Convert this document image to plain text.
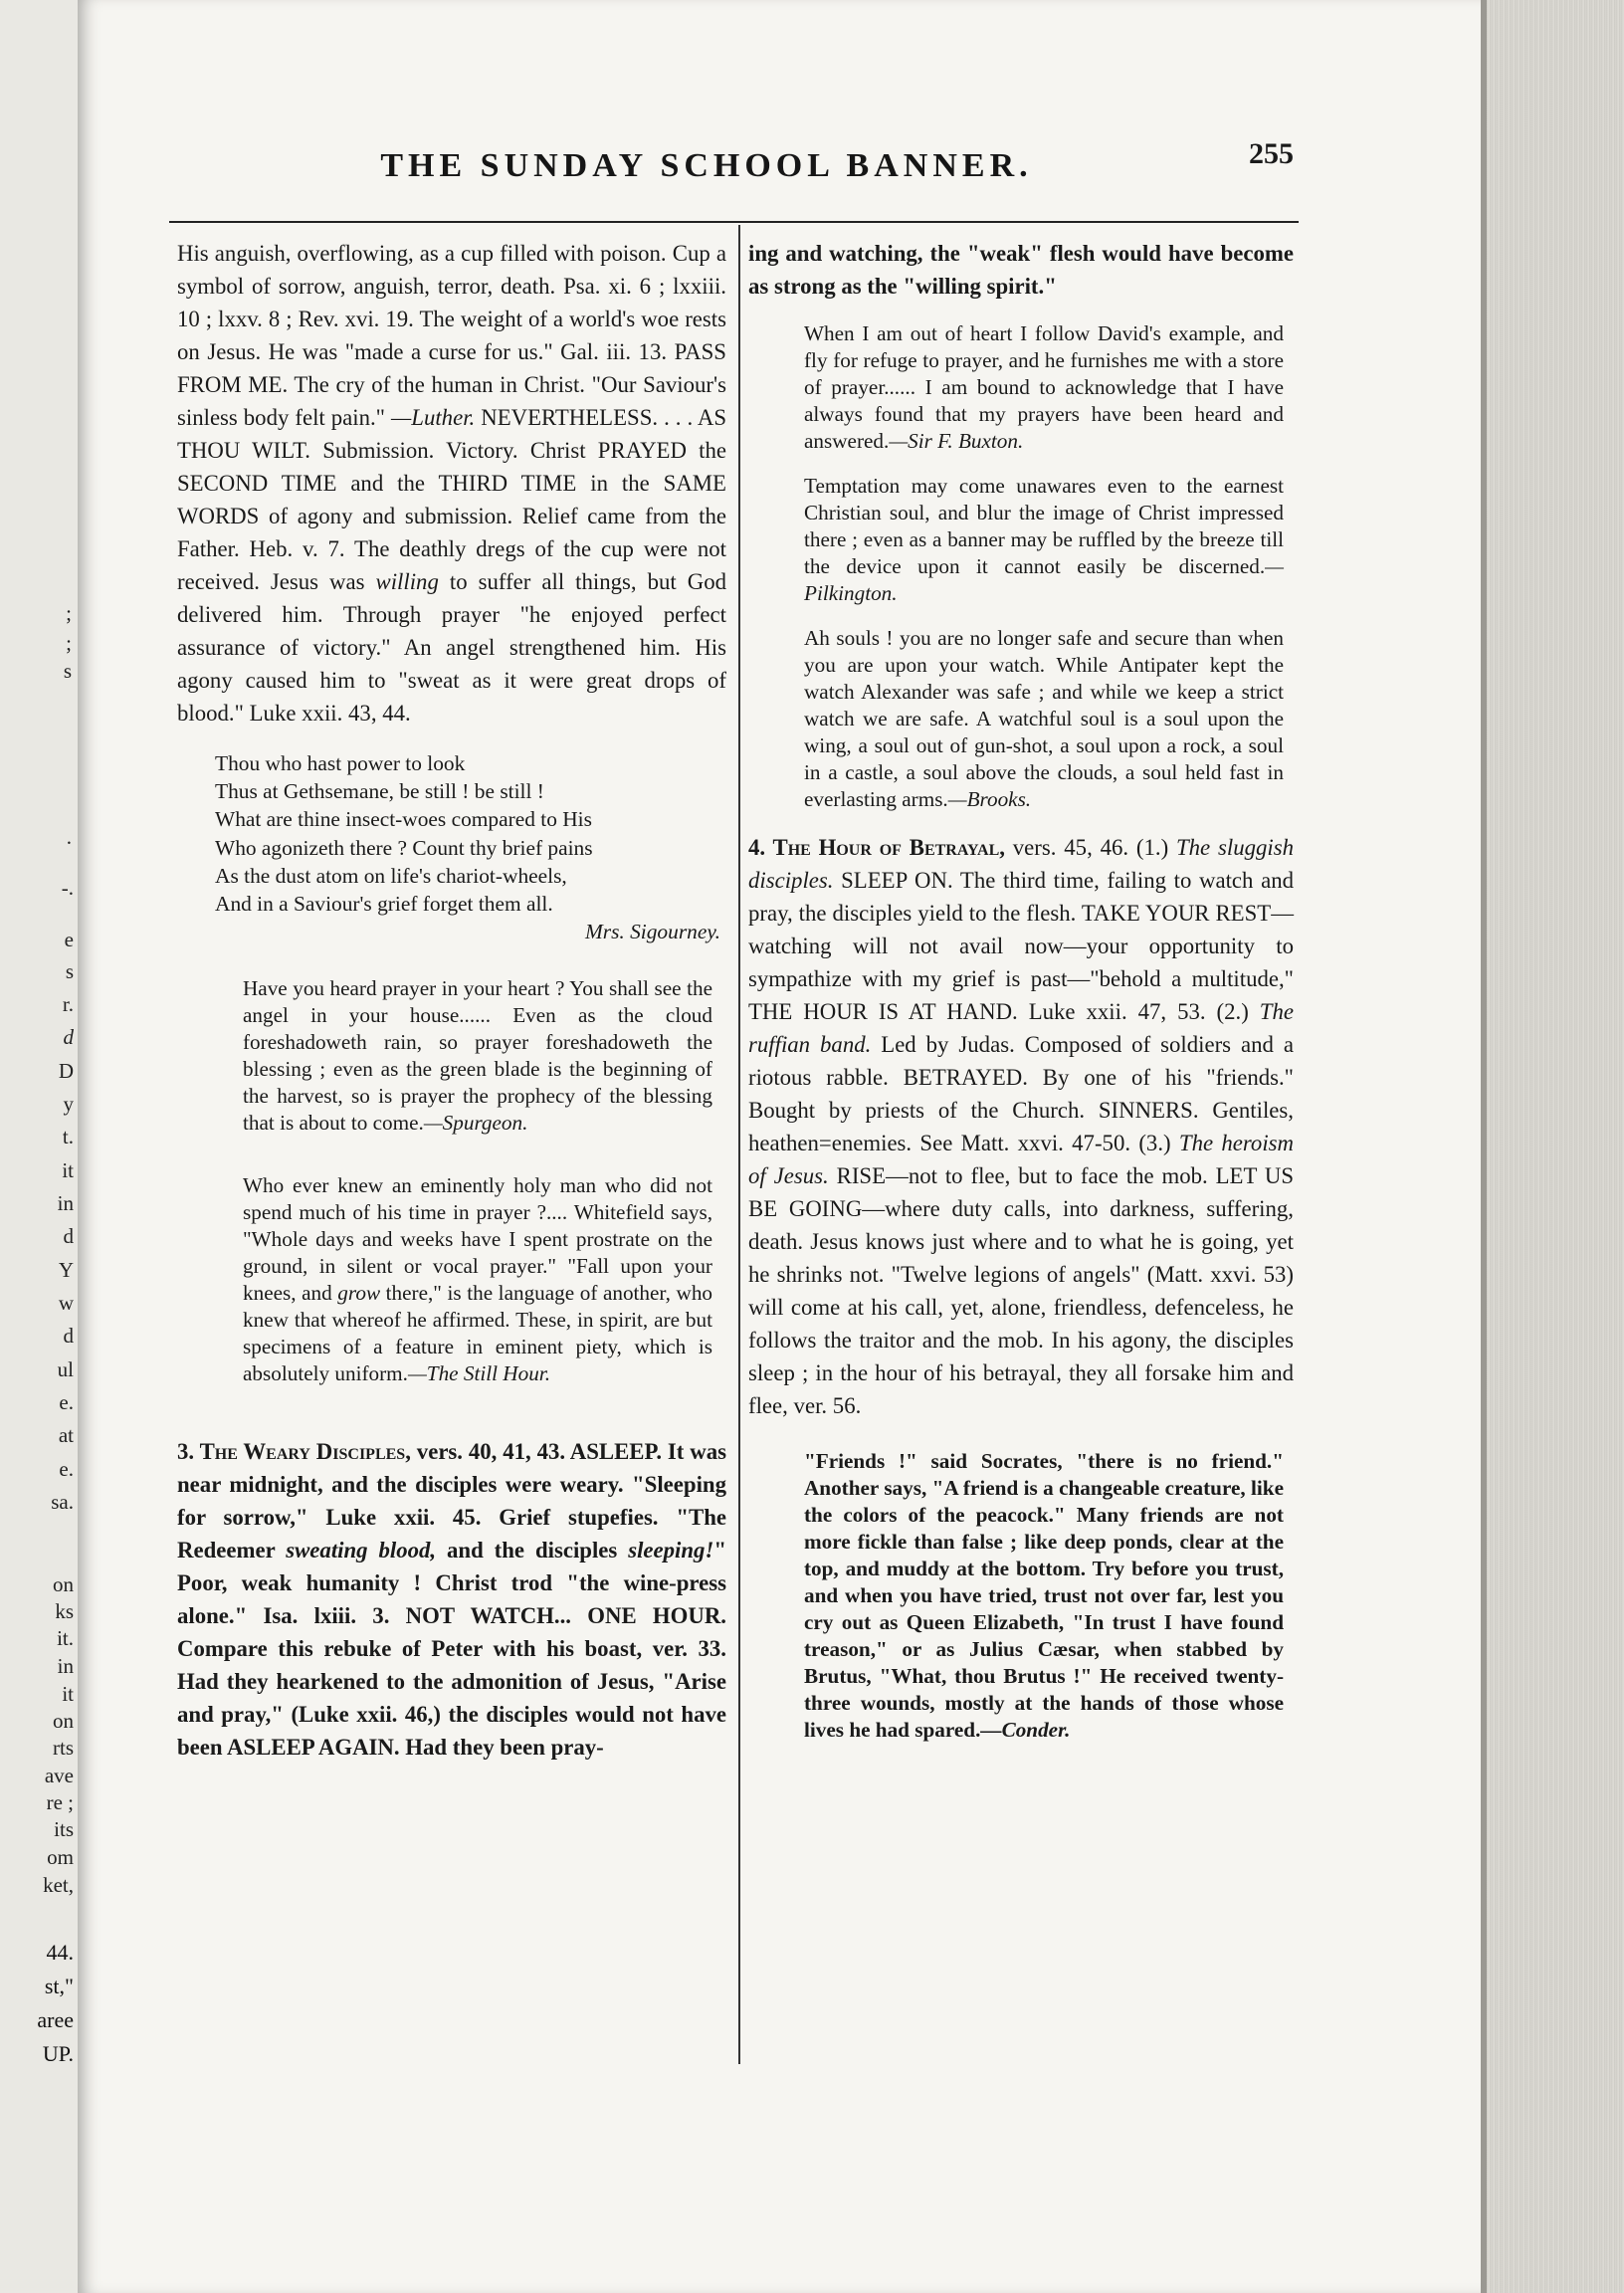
;
;
s
.
-.
e
s
r.
d
D
y
t.
it
in
d
Y
w
d
ul
e.
at
e.
sa.
on
ks
it.
in
it
on
rts
ave
re ;
its
om
ket,
44.
st,"
aree
UP.
THE SUNDAY SCHOOL BANNER.	255

His anguish, overflowing, as a cup filled with poison. Cup a symbol of sorrow, anguish, terror, death. Psa. xi. 6 ; lxxiii. 10 ; lxxv. 8 ; Rev. xvi. 19. The weight of a world's woe rests on Jesus. He was "made a curse for us." Gal. iii. 13. PASS FROM ME. The cry of the human in Christ. "Our Saviour's sinless body felt pain." —Luther. NEVERTHELESS. . . . AS THOU WILT. Submission. Victory. Christ PRAYED the SECOND TIME and the THIRD TIME in the SAME WORDS of agony and submission. Relief came from the Father. Heb. v. 7. The deathly dregs of the cup were not received. Jesus was willing to suffer all things, but God delivered him. Through prayer "he enjoyed perfect assurance of victory." An angel strengthened him. His agony caused him to "sweat as it were great drops of blood." Luke xxii. 43, 44.

Thou who hast power to look
Thus at Gethsemane, be still ! be still !
What are thine insect-woes compared to His
Who agonizeth there ? Count thy brief pains
As the dust atom on life's chariot-wheels,
And in a Saviour's grief forget them all.
Mrs. Sigourney.

Have you heard prayer in your heart ? You shall see the angel in your house...... Even as the cloud foreshadoweth rain, so prayer foreshadoweth the blessing ; even as the green blade is the beginning of the harvest, so is prayer the prophecy of the blessing that is about to come.—Spurgeon.

Who ever knew an eminently holy man who did not spend much of his time in prayer ?.... Whitefield says, "Whole days and weeks have I spent prostrate on the ground, in silent or vocal prayer." "Fall upon your knees, and grow there," is the language of another, who knew that whereof he affirmed. These, in spirit, are but specimens of a feature in eminent piety, which is absolutely uniform.—The Still Hour.

3. The Weary Disciples, vers. 40, 41, 43. ASLEEP. It was near midnight, and the disciples were weary. "Sleeping for sorrow," Luke xxii. 45. Grief stupefies. "The Redeemer sweating blood, and the disciples sleeping!" Poor, weak humanity ! Christ trod "the wine-press alone." Isa. lxiii. 3. NOT WATCH... ONE HOUR. Compare this rebuke of Peter with his boast, ver. 33. Had they hearkened to the admonition of Jesus, "Arise and pray," (Luke xxii. 46,) the disciples would not have been ASLEEP AGAIN. Had they been pray-

ing and watching, the "weak" flesh would have become as strong as the "willing spirit."

When I am out of heart I follow David's example, and fly for refuge to prayer, and he furnishes me with a store of prayer...... I am bound to acknowledge that I have always found that my prayers have been heard and answered.—Sir F. Buxton.

Temptation may come unawares even to the earnest Christian soul, and blur the image of Christ impressed there ; even as a banner may be ruffled by the breeze till the device upon it cannot easily be discerned.—Pilkington.

Ah souls ! you are no longer safe and secure than when you are upon your watch. While Antipater kept the watch Alexander was safe ; and while we keep a strict watch we are safe. A watchful soul is a soul upon the wing, a soul out of gun-shot, a soul upon a rock, a soul in a castle, a soul above the clouds, a soul held fast in everlasting arms.—Brooks.

4. The Hour of Betrayal, vers. 45, 46. (1.) The sluggish disciples. SLEEP ON. The third time, failing to watch and pray, the disciples yield to the flesh. TAKE YOUR REST—watching will not avail now—your opportunity to sympathize with my grief is past—"behold a multitude," THE HOUR IS AT HAND. Luke xxii. 47, 53. (2.) The ruffian band. Led by Judas. Composed of soldiers and a riotous rabble. BETRAYED. By one of his "friends." Bought by priests of the Church. SINNERS. Gentiles, heathen=enemies. See Matt. xxvi. 47-50. (3.) The heroism of Jesus. RISE—not to flee, but to face the mob. LET US BE GOING—where duty calls, into darkness, suffering, death. Jesus knows just where and to what he is going, yet he shrinks not. "Twelve legions of angels" (Matt. xxvi. 53) will come at his call, yet, alone, friendless, defenceless, he follows the traitor and the mob. In his agony, the disciples sleep ; in the hour of his betrayal, they all forsake him and flee, ver. 56.

"Friends !" said Socrates, "there is no friend." Another says, "A friend is a changeable creature, like the colors of the peacock." Many friends are not more fickle than false ; like deep ponds, clear at the top, and muddy at the bottom. Try before you trust, and when you have tried, trust not over far, lest you cry out as Queen Elizabeth, "In trust I have found treason," or as Julius Cæsar, when stabbed by Brutus, "What, thou Brutus !" He received twenty-three wounds, mostly at the hands of those whose lives he had spared.—Conder.
